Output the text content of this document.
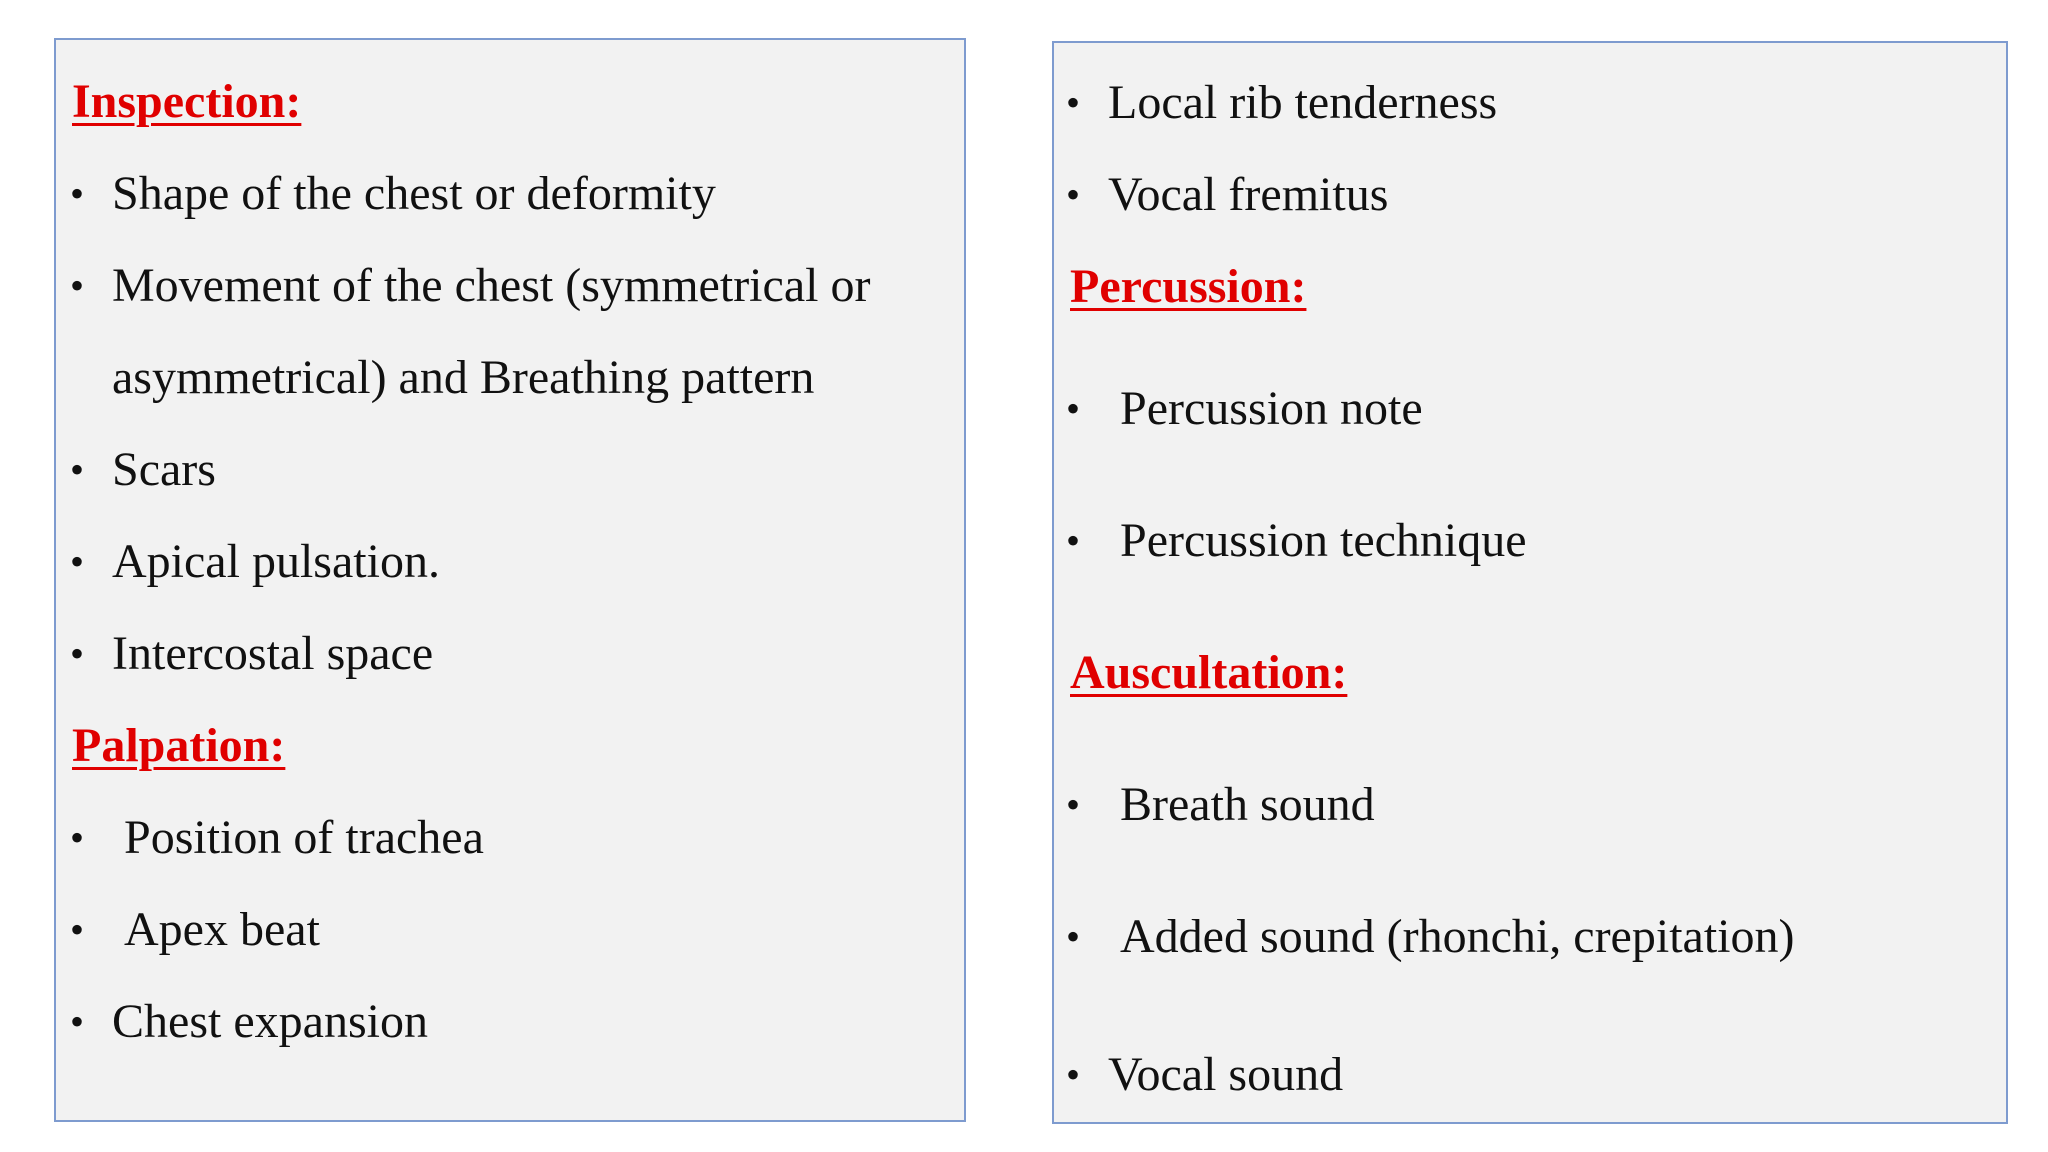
Inspection:
• Shape of the chest or deformity
• Movement of the chest (symmetrical or
asymmetrical) and Breathing pattern
• Scars
• Apical pulsation.
• Intercostal space
Palpation:
• Position of trachea
• Apex beat
• Chest expansion
• Local rib tenderness
• Vocal fremitus
Percussion:
• Percussion note
• Percussion technique
Auscultation:
• Breath sound
• Added sound (rhonchi, crepitation)
• Vocal sound
